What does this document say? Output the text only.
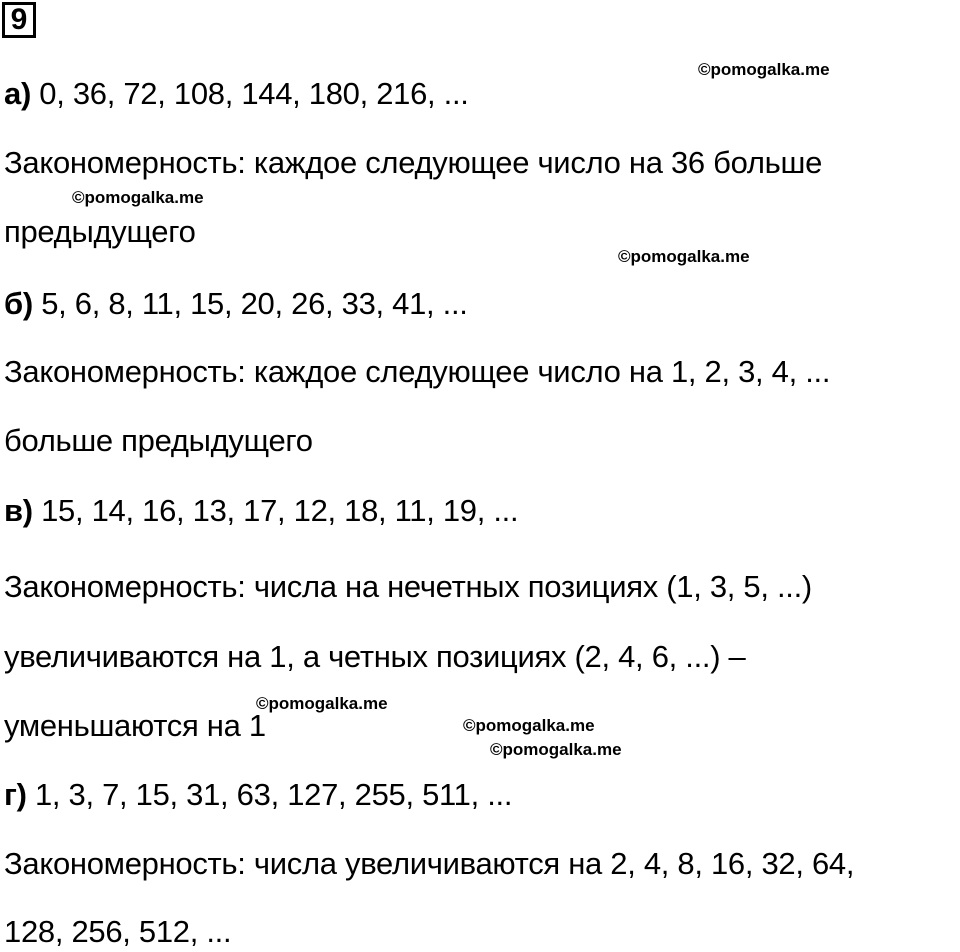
9
а) 0, 36, 72, 108, 144, 180, 216, ...
Закономерность: каждое следующее число на 36 больше
предыдущего
б) 5, 6, 8, 11, 15, 20, 26, 33, 41, ...
Закономерность: каждое следующее число на 1, 2, 3, 4, ...
больше предыдущего
в) 15, 14, 16, 13, 17, 12, 18, 11, 19, ...
Закономерность: числа на нечетных позициях (1, 3, 5, ...)
увеличиваются на 1, а четных позициях (2, 4, 6, ...) –
уменьшаются на 1
г) 1, 3, 7, 15, 31, 63, 127, 255, 511, ...
Закономерность: числа увеличиваются на 2, 4, 8, 16, 32, 64,
128, 256, 512, ...
©pomogalka.me
©pomogalka.me
©pomogalka.me
©pomogalka.me
©pomogalka.me
©pomogalka.me
